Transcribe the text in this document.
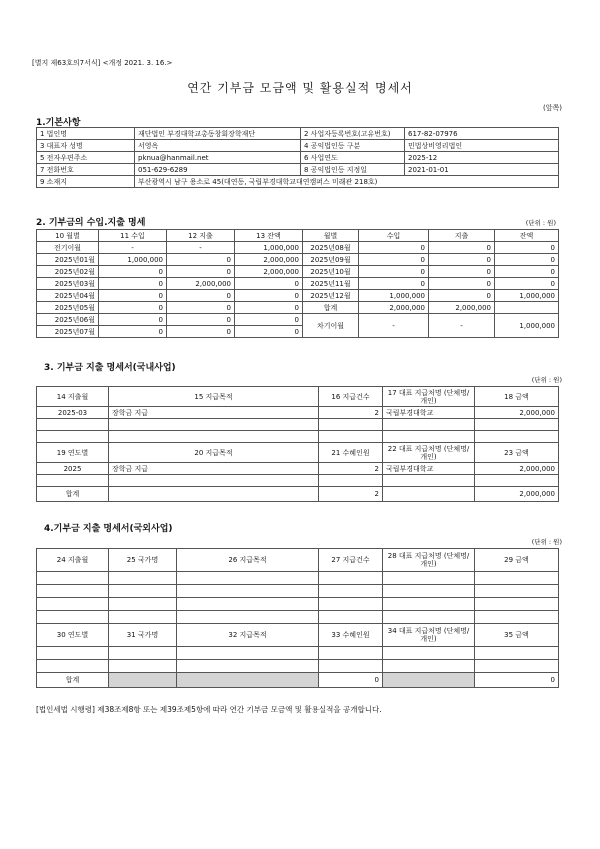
[별지 제63호의7서식] <개정 2021. 3. 16.>
연간 기부금 모금액 및 활용실적 명세서
(앞쪽)
1.기본사항
1 법인명	재단법인 부경대학교총동창회장학재단	2 사업자등록번호(고유번호)	617-82-07976
3 대표자 성명	서영옥	4 공익법인등 구분	민법상비영리법인
5 전자우편주소	pknua@hanmail.net	6 사업연도	2025-12
7 전화번호	051-629-6289	8 공익법인등 지정일	2021-01-01
9 소재지	부산광역시 남구 용소로 45(대연동, 국립부경대학교대연캠퍼스 미래관 218호)		
2. 기부금의 수입.지출 명세	(단위 : 원)
10 월별	11 수입	12 지출	13 잔액	월별	수입	지출	잔액
전기이월	-	-	1,000,000	2025년08월	0	0	0
2025년01월	1,000,000	0	2,000,000	2025년09월	0	0	0
2025년02월	0	0	2,000,000	2025년10월	0	0	0
2025년03월	0	2,000,000	0	2025년11월	0	0	0
2025년04월	0	0	0	2025년12월	1,000,000	0	1,000,000
2025년05월	0	0	0	합계	2,000,000	2,000,000	
2025년06월	0	0	0	차기이월	-	-	1,000,000
2025년07월	0	0	0				
3. 기부금 지출 명세서(국내사업)
(단위 : 원)
14 지출월	15 지급목적	16 지급건수	17 대표 지급처명 (단체명/개인)	18 금액
2025-03	장학금 지급	2	국립부경대학교	2,000,000

19 연도별	20 지급목적	21 수혜인원	22 대표 지급처명 (단체명/개인)	23 금액
2025	장학금 지급	2	국립부경대학교	2,000,000

합계		2		2,000,000
4.기부금 지출 명세서(국외사업)
(단위 : 원)
24 지출월	25 국가명	26 지급목적	27 지급건수	28 대표 지급처명 (단체명/개인)	29 금액

30 연도별	31 국가명	32 지급목적	33 수혜인원	34 대표 지급처명 (단체명/개인)	35 금액

합계			0		0
[법인세법 시행령] 제38조제8항 또는 제39조제5항에 따라 연간 기부금 모금액 및 활용실적을 공개합니다.
